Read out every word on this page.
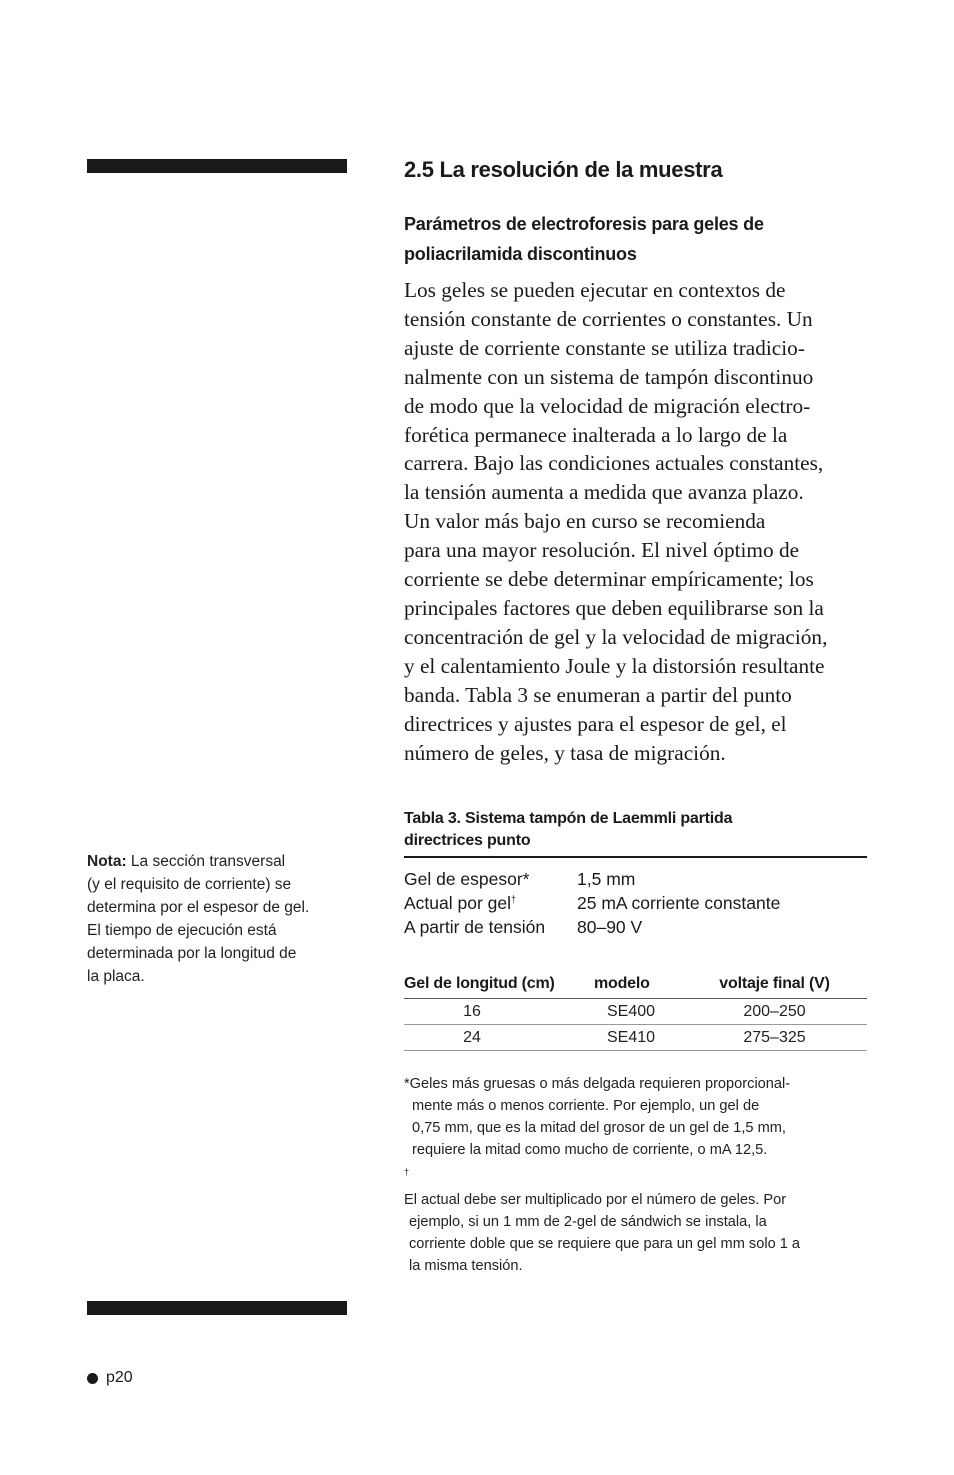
2.5 La resolución de la muestra
Parámetros de electroforesis para geles de
poliacrilamida discontinuos

Los geles se pueden ejecutar en contextos de
tensión constante de corrientes o constantes. Un
ajuste de corriente constante se utiliza tradicio-
nalmente con un sistema de tampón discontinuo
de modo que la velocidad de migración electro-
forética permanece inalterada a lo largo de la
carrera. Bajo las condiciones actuales constantes,
la tensión aumenta a medida que avanza plazo.
Un valor más bajo en curso se recomienda
para una mayor resolución. El nivel óptimo de
corriente se debe determinar empíricamente; los
principales factores que deben equilibrarse son la
concentración de gel y la velocidad de migración,
y el calentamiento Joule y la distorsión resultante
banda. Tabla 3 se enumeran a partir del punto
directrices y ajustes para el espesor de gel, el
número de geles, y tasa de migración.

Tabla 3. Sistema tampón de Laemmli partida
directrices punto
Gel de espesor*	1,5 mm
Actual por gel†	25 mA corriente constante
A partir de tensión	80–90 V
Gel de longitud (cm)	modelo	voltaje final (V)
16	SE400	200–250
24	SE410	275–325

*Geles más gruesas o más delgada requieren proporcional-
mente más o menos corriente. Por ejemplo, un gel de
0,75 mm, que es la mitad del grosor de un gel de 1,5 mm,
requiere la mitad como mucho de corriente, o mA 12,5.

†
El actual debe ser multiplicado por el número de geles. Por
ejemplo, si un 1 mm de 2-gel de sándwich se instala, la
corriente doble que se requiere que para un gel mm solo 1 a
la misma tensión.

Nota: La sección transversal
(y el requisito de corriente) se
determina por el espesor de gel.
El tiempo de ejecución está
determinada por la longitud de
la placa.
p20
